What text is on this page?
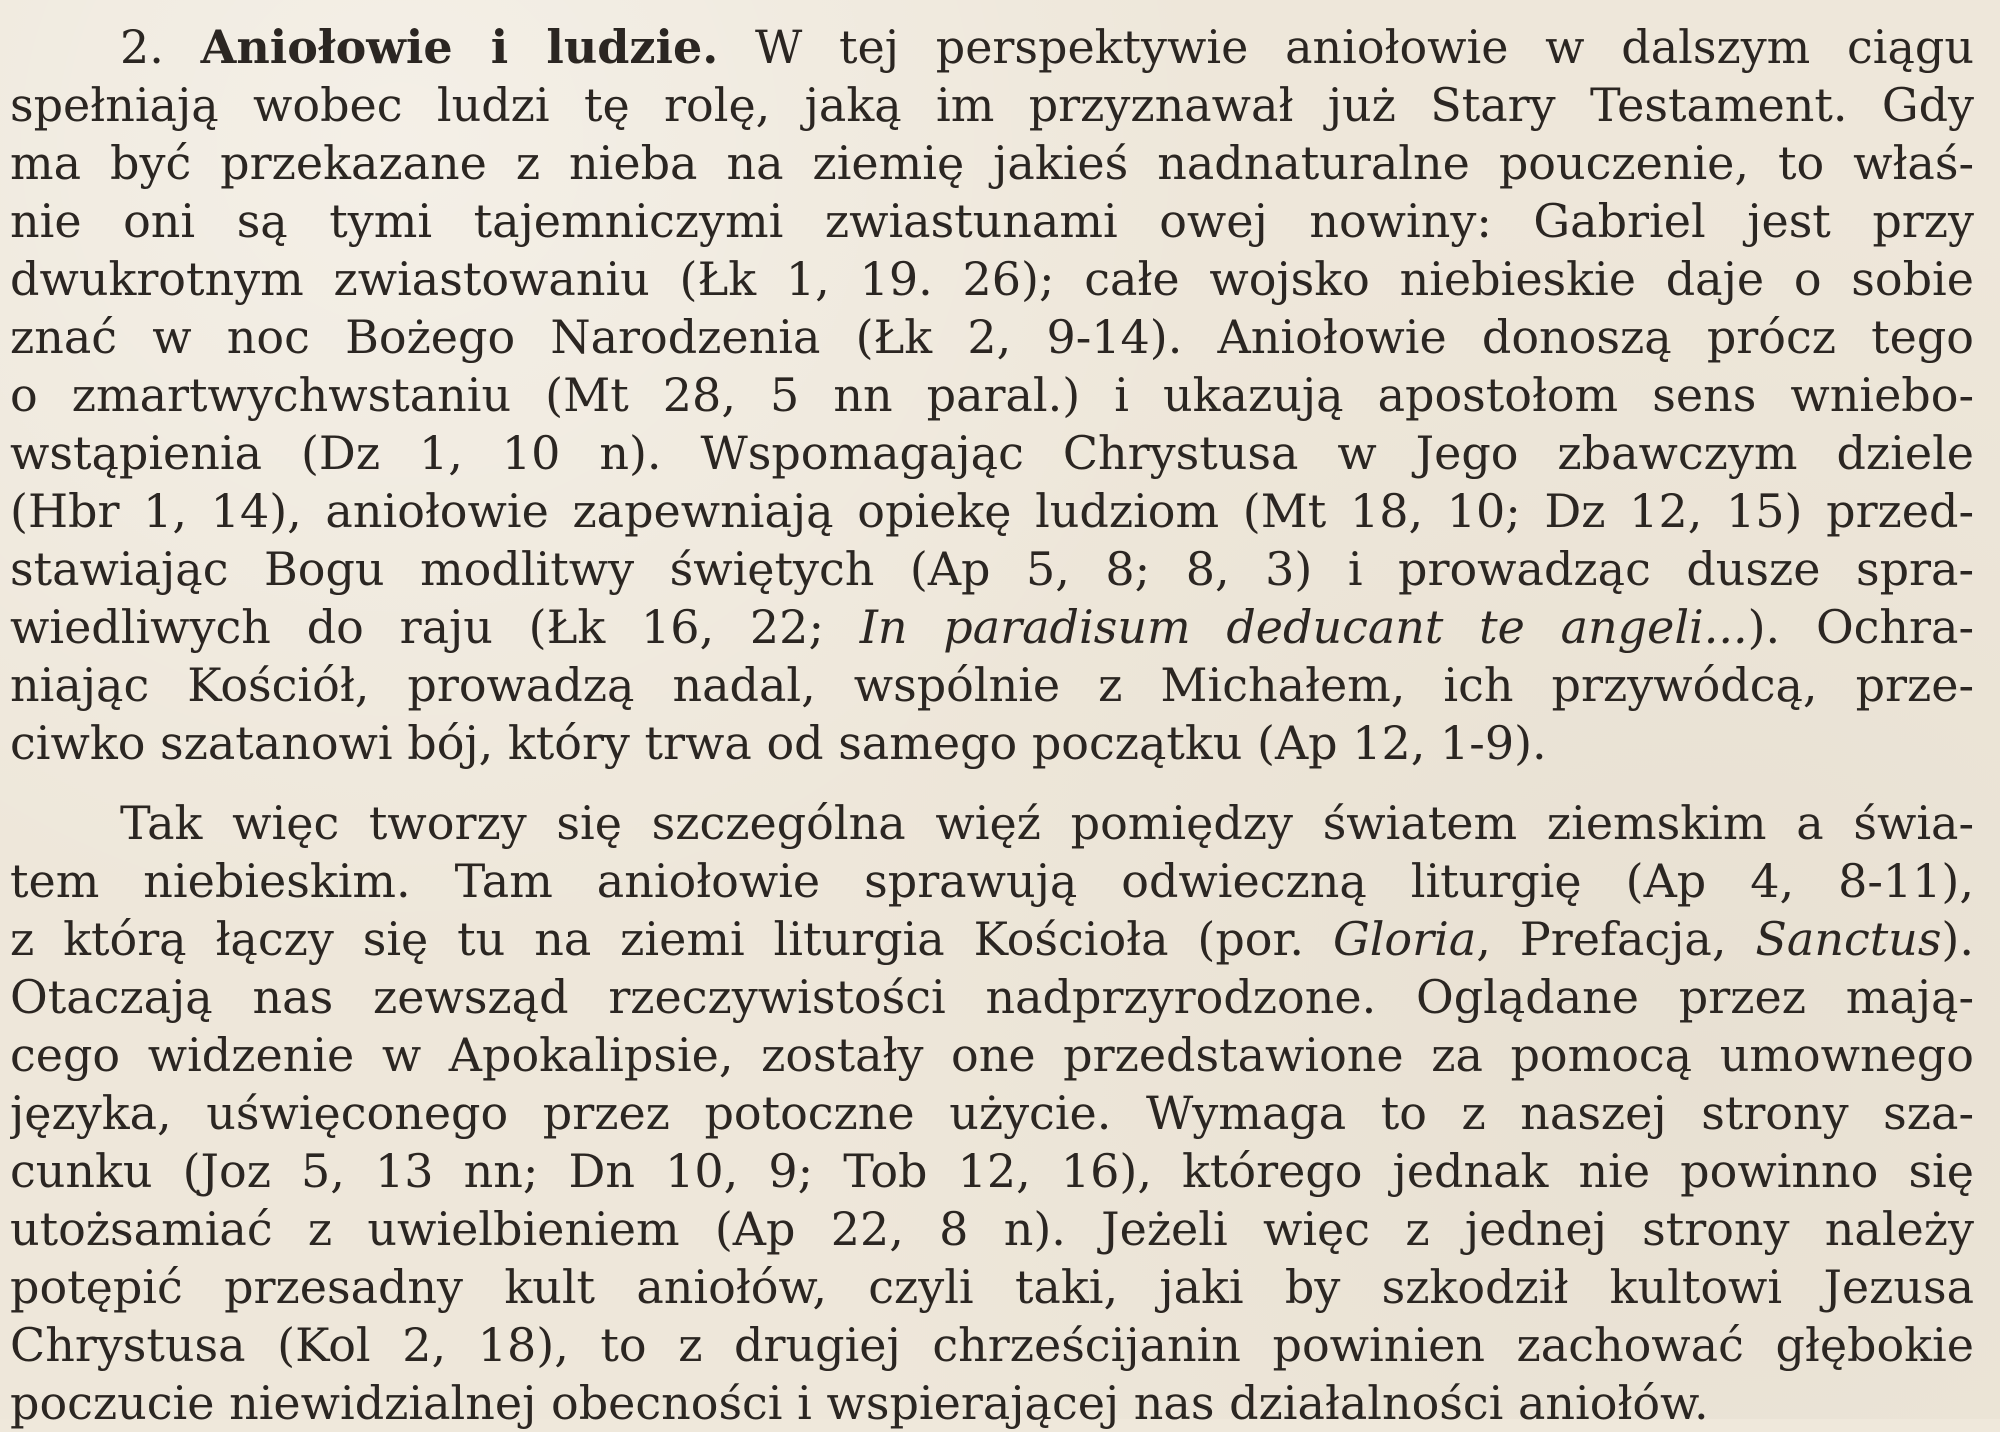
2. Aniołowie i ludzie. W tej perspektywie aniołowie w dalszym ciągu
spełniają wobec ludzi tę rolę, jaką im przyznawał już Stary Testament. Gdy
ma być przekazane z nieba na ziemię jakieś nadnaturalne pouczenie, to właś-
nie oni są tymi tajemniczymi zwiastunami owej nowiny: Gabriel jest przy
dwukrotnym zwiastowaniu (Łk 1, 19. 26); całe wojsko niebieskie daje o sobie
znać w noc Bożego Narodzenia (Łk 2, 9-14). Aniołowie donoszą prócz tego
o zmartwychwstaniu (Mt 28, 5 nn paral.) i ukazują apostołom sens wniebo-
wstąpienia (Dz 1, 10 n). Wspomagając Chrystusa w Jego zbawczym dziele
(Hbr 1, 14), aniołowie zapewniają opiekę ludziom (Mt 18, 10; Dz 12, 15) przed-
stawiając Bogu modlitwy świętych (Ap 5, 8; 8, 3) i prowadząc dusze spra-
wiedliwych do raju (Łk 16, 22; In paradisum deducant te angeli...). Ochra-
niając Kościół, prowadzą nadal, wspólnie z Michałem, ich przywódcą, prze-
ciwko szatanowi bój, który trwa od samego początku (Ap 12, 1-9).
Tak więc tworzy się szczególna więź pomiędzy światem ziemskim a świa-
tem niebieskim. Tam aniołowie sprawują odwieczną liturgię (Ap 4, 8-11),
z którą łączy się tu na ziemi liturgia Kościoła (por. Gloria, Prefacja, Sanctus).
Otaczają nas zewsząd rzeczywistości nadprzyrodzone. Oglądane przez mają-
cego widzenie w Apokalipsie, zostały one przedstawione za pomocą umownego
języka, uświęconego przez potoczne użycie. Wymaga to z naszej strony sza-
cunku (Joz 5, 13 nn; Dn 10, 9; Tob 12, 16), którego jednak nie powinno się
utożsamiać z uwielbieniem (Ap 22, 8 n). Jeżeli więc z jednej strony należy
potępić przesadny kult aniołów, czyli taki, jaki by szkodził kultowi Jezusa
Chrystusa (Kol 2, 18), to z drugiej chrześcijanin powinien zachować głębokie
poczucie niewidzialnej obecności i wspierającej nas działalności aniołów.
